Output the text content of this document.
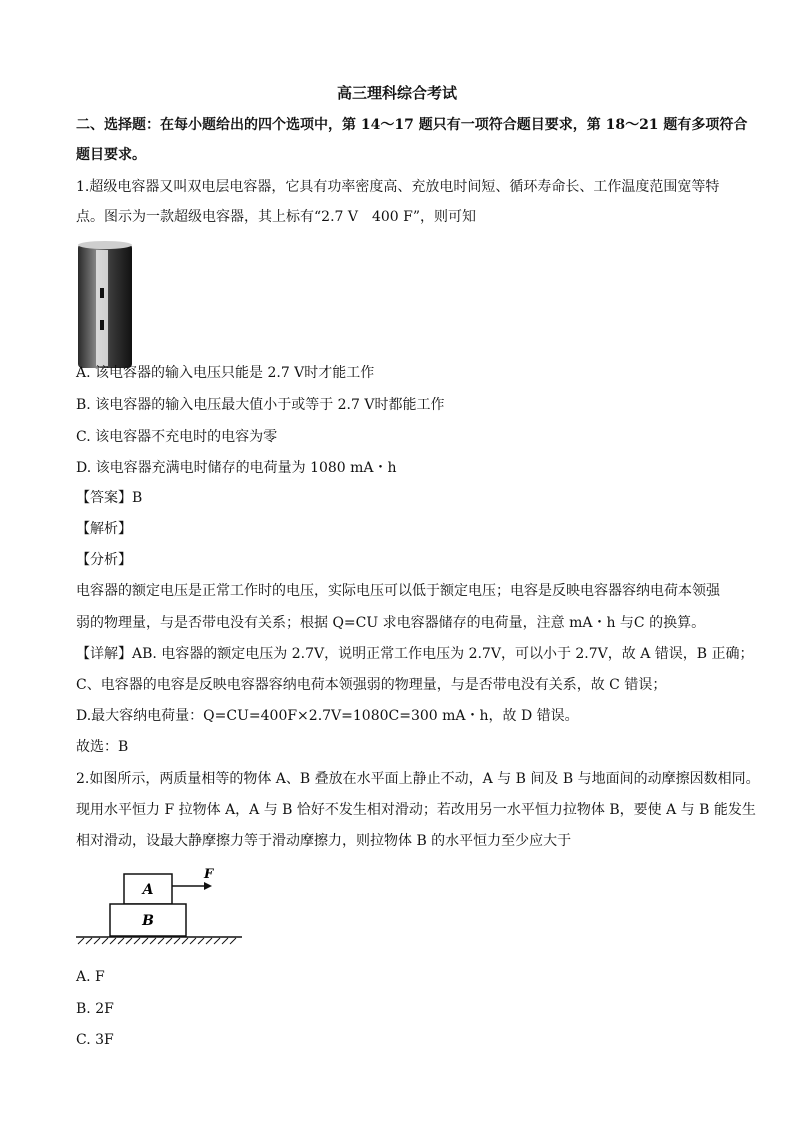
高三理科综合考试
二、选择题：在每小题给出的四个选项中，第 14～17 题只有一项符合题目要求，第 18～21 题有多项符合
题目要求。
1.超级电容器又叫双电层电容器，它具有功率密度高、充放电时间短、循环寿命长、工作温度范围宽等特
点。图示为一款超级电容器，其上标有“2.7 V　400 F”，则可知
A. 该电容器的输入电压只能是 2.7 V时才能工作
B. 该电容器的输入电压最大值小于或等于 2.7 V时都能工作
C. 该电容器不充电时的电容为零
D. 该电容器充满电时储存的电荷量为 1080 mA・h
【答案】B
【解析】
【分析】
电容器的额定电压是正常工作时的电压，实际电压可以低于额定电压；电容是反映电容器容纳电荷本领强
弱的物理量，与是否带电没有关系；根据 Q=CU 求电容器储存的电荷量，注意 mA・h 与C 的换算。
【详解】AB. 电容器的额定电压为 2.7V，说明正常工作电压为 2.7V，可以小于 2.7V，故 A 错误，B 正确；
C、电容器的电容是反映电容器容纳电荷本领强弱的物理量，与是否带电没有关系，故 C 错误；
D.最大容纳电荷量：Q=CU=400F×2.7V=1080C=300 mA・h，故 D 错误。
故选：B
2.如图所示，两质量相等的物体 A、B 叠放在水平面上静止不动，A 与 B 间及 B 与地面间的动摩擦因数相同。
现用水平恒力 F 拉物体 A，A 与 B 恰好不发生相对滑动；若改用另一水平恒力拉物体 B，要使 A 与 B 能发生
相对滑动，设最大静摩擦力等于滑动摩擦力，则拉物体 B 的水平恒力至少应大于
A
B
F
A. F
B. 2F
C. 3F
